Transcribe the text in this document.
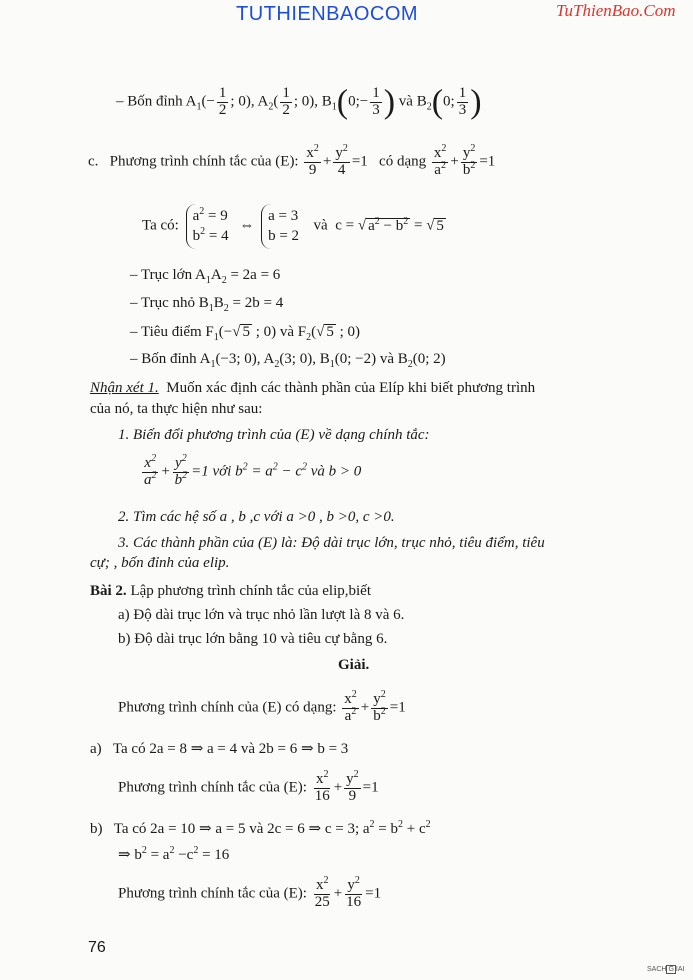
TUTHIENBAOCOM	TuThienBao.Com
– Bốn đỉnh $A_1(- \frac{1}{2}$ ; 0), $A_2( \frac{1}{2}$ ; 0), $B_1(0;- \frac{1}{3}$ ) và $B_2(0$; $\frac{1}{3}$ )
c. Phương trình chính tắc của (E): $\frac{x^2}{9} + \frac{y^2}{4} =1$ có dạng $\frac{x^2}{a^2} + \frac{y^2}{b^2} =1$
Ta có: $a^2 = 9$
$b^2 = 4$ ⇔ a = 3
b = 2  và c = √ $a^2 - b^2$ = √ 5
– Trục lớn $A_1A_2 = 2a = 6$
– Trục nhỏ $B_1B_2 = 2b = 4$
– Tiêu điểm $F_1(-√$ 5 ; 0) và $F_2(√$ 5 ; 0)
– Bốn đỉnh $A_1(-3$; 0), $A_2(3$; 0), $B_1(0$; −2) và $B_2(0$; 2)
Nhận xét 1. Muốn xác định các thành phần của Elíp khi biết phương trình
của nó, ta thực hiện như sau:
1. Biến đổi phương trình của (E) về dạng chính tắc:
$\frac{x^2}{a^2} + \frac{y^2}{b^2} =1$ với $b^2 = a^2 - c^2$ và b > 0
2. Tìm các hệ số a , b ,c với a >0 , b >0, c >0.
3. Các thành phần của (E) là: Độ dài trục lớn, trục nhỏ, tiêu điểm, tiêu
cự; , bốn đỉnh của elip.
Bài 2. Lập phương trình chính tắc của elip,biết
a) Độ dài trục lớn và trục nhỏ lần lượt là 8 và 6.
b) Độ dài trục lớn bằng 10 và tiêu cự bằng 6.
Giải.
Phương trình chính của (E) có dạng: $\frac{x^2}{a^2} + \frac{y^2}{b^2} =1$
a) Ta có 2a = 8 ⇒ a = 4 và 2b = 6 ⇒ b = 3
Phương trình chính tắc của (E): $\frac{x^2}{16} + \frac{y^2}{9} =1$
b) Ta có 2a = 10 ⇒ a = 5 và 2c = 6 ⇒ c = 3; $a^2 = b^2 + c^2$
⇒ $b^2 = a^2 -c^2 = 16$
Phương trình chính tắc của (E): $\frac{x^2}{25} + \frac{y^2}{16} =1$
76
SACH G IAI
